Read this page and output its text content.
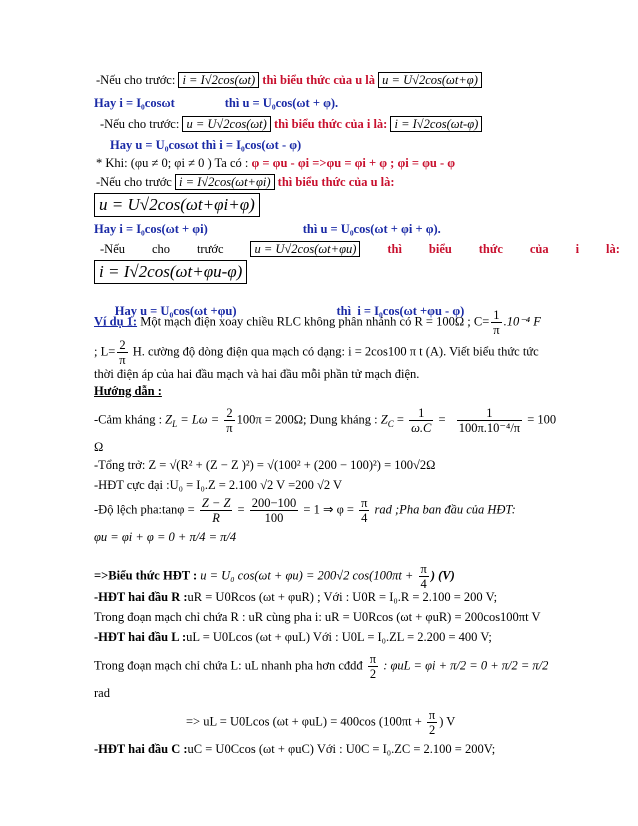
-Nếu cho trước: i = I√2cos(ωt) thì biểu thức của u là u = U√2cos(ωt+φ)
Hay i = I₀cosωt                thì u = U₀cos(ωt + φ).
-Nếu cho trước: u = U√2cos(ωt) thì biểu thức của i là: i = I√2cos(ωt-φ)
Hay u = U₀cosωt thì i = I₀cos(ωt - φ)
* Khi: (φu ≠ 0; φi ≠ 0 ) Ta có : φ = φu - φi =>φu = φi + φ ; φi = φu - φ
-Nếu cho trước i = I√2cos(ωt+φi) thì biểu thức của u là:
u = U√2cos(ωt+φi+φ)
Hay i = I₀cos(ωt + φi)	thì u = U₀cos(ωt + φi + φ).
-Nếu cho trước	u = U√2cos(ωt+φu)	thì biểu thức của i là:
i = I√2cos(ωt+φu-φ)

Hay u = U₀cos(ωt +φu)	thì  i = I₀cos(ωt +φu - φ)

Ví dụ 1: Một mạch điện xoay chiều RLC không phân nhánh có R = 100Ω ; $C= \frac{1}{\pi} .10^{-4}$ F
; $L= \frac{2}{\pi} H$. cường độ dòng điện qua mạch có dạng: i = 2cos100 π t (A). Viết biểu thức tức
thời điện áp của hai đầu mạch và hai đầu mỗi phần tử mạch điện.
Hướng dẫn :
-Cảm kháng : $Z_L = L\omega = \frac{2}{\pi} 100\pi = 200\Omega$; Dung kháng : $Z_C = \frac{1}{\omega.C} = \frac{1}{\text{100π.10⁻⁴/π}} = 100$
Ω
-Tổng trở: Z = √(R² + (Z − Z )²) = √(100² + (200 − 100)²) = 100√2Ω
-HĐT cực đại :U₀ = I₀.Z = 2.100 √2 V =200 √2 V
-Độ lệch pha:tanφ = $\frac{Z - Z}{R} = \frac{200-100}{100} = 1$ ⇒ $\varphi = \frac{\pi}{4}$ rad ;Pha ban đầu của HĐT:
φu = φi + φ = 0 + π/4 = π/4
=>Biểu thức HĐT : u = U₀ cos(ωt + φu) = 200√2 $\cos(100\pi t + \frac{\pi}{4}$ ) (V)
-HĐT hai đầu R :uR = U0Rcos (ωt + φuR) ; Với : U0R = I₀.R = 2.100 = 200 V;
Trong đoạn mạch chỉ chứa R : uR cùng pha i: uR = U0Rcos (ωt + φuR) = 200cos100πt V
-HĐT hai đầu L :uL = U0Lcos (ωt + φuL) Với : U0L = I₀.ZL = 2.200 = 400 V;
Trong đoạn mạch chỉ chứa L: uL nhanh pha hơn cđdđ $\frac{\pi}{2}$ : φuL = φi + π/2 = 0 + π/2 = π/2
rad
=> uL = U0Lcos (ωt + φuL) = 400cos ($100\pi t + \frac{\pi}{2}$ ) V
-HĐT hai đầu C :uC = U0Ccos (ωt + φuC) Với : U0C = I₀.ZC = 2.100 = 200V;
